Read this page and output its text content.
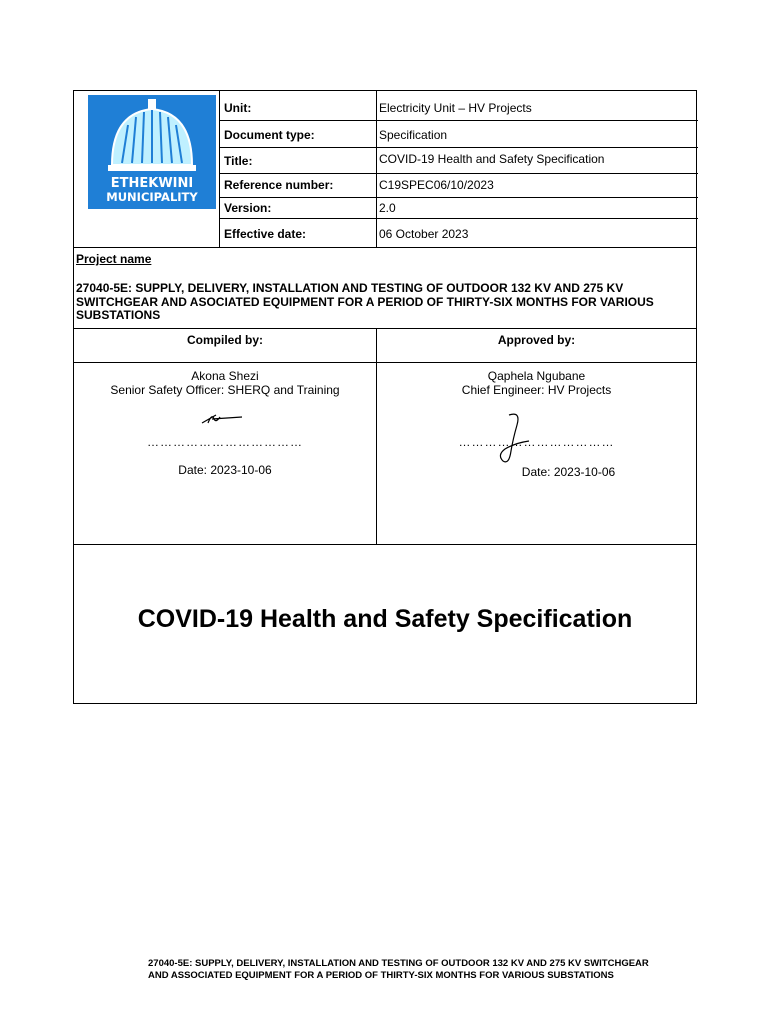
ETHEKWINI
MUNICIPALITY
Unit:	Electricity Unit – HV Projects
Document type:	Specification
Title:	COVID-19 Health and Safety Specification
Reference number:	C19SPEC06/10/2023
Version:	2.0
Effective date:	06 October 2023
Project name
27040-5E: SUPPLY, DELIVERY, INSTALLATION AND TESTING OF OUTDOOR 132 KV AND 275 KV SWITCHGEAR AND ASOCIATED EQUIPMENT FOR A PERIOD OF THIRTY-SIX MONTHS FOR VARIOUS SUBSTATIONS
Compiled by:	Approved by:
Akona Shezi
Senior Safety Officer: SHERQ and Training
………………………………
Date: 2023-10-06
Qaphela Ngubane
Chief Engineer: HV Projects
………………………………
Date: 2023-10-06
COVID-19 Health and Safety Specification
27040-5E: SUPPLY, DELIVERY, INSTALLATION AND TESTING OF OUTDOOR 132 KV AND 275 KV SWITCHGEAR
AND ASSOCIATED EQUIPMENT FOR A PERIOD OF THIRTY-SIX MONTHS FOR VARIOUS SUBSTATIONS
